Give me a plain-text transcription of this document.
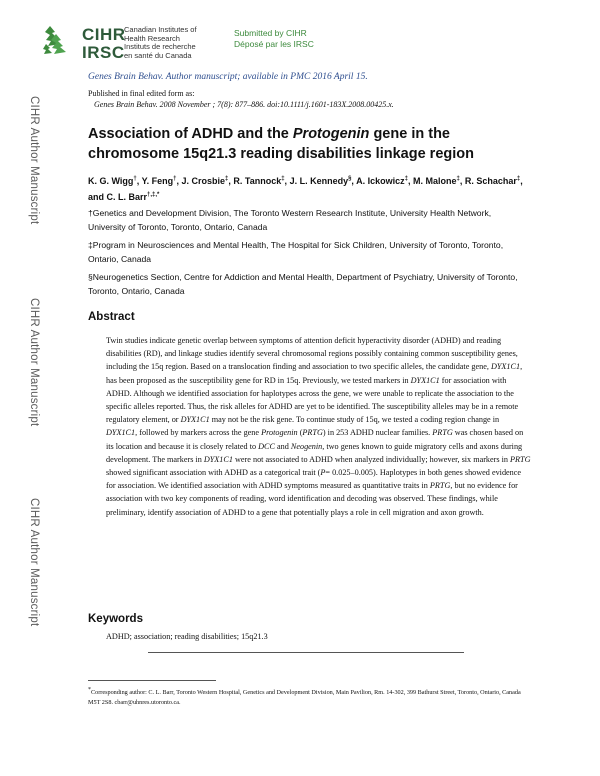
CIHR Author Manuscript
CIHR Author Manuscript
CIHR Author Manuscript
CIHR
IRSC
Canadian Institutes of
Health Research
Instituts de recherche
en santé du Canada
Submitted by CIHR
Déposé par les IRSC
Genes Brain Behav. Author manuscript; available in PMC 2016 April 15.
Published in final edited form as:
Genes Brain Behav. 2008 November ; 7(8): 877–886. doi:10.1111/j.1601-183X.2008.00425.x.
Association of ADHD and the Protogenin gene in the chromosome 15q21.3 reading disabilities linkage region

K. G. Wigg†, Y. Feng†, J. Crosbie‡, R. Tannock‡, J. L. Kennedy§, A. Ickowicz‡, M. Malone‡, R. Schachar‡, and C. L. Barr†,‡,*

†Genetics and Development Division, The Toronto Western Research Institute, University Health Network, University of Toronto, Toronto, Ontario, Canada

‡Program in Neurosciences and Mental Health, The Hospital for Sick Children, University of Toronto, Toronto, Ontario, Canada

§Neurogenetics Section, Centre for Addiction and Mental Health, Department of Psychiatry, University of Toronto, Toronto, Ontario, Canada

Abstract

Twin studies indicate genetic overlap between symptoms of attention deficit hyperactivity disorder (ADHD) and reading disabilities (RD), and linkage studies identify several chromosomal regions possibly containing common susceptibility genes, including the 15q region. Based on a translocation finding and association to two specific alleles, the candidate gene, DYX1C1, has been proposed as the susceptibility gene for RD in 15q. Previously, we tested markers in DYX1C1 for association with ADHD. Although we identified association for haplotypes across the gene, we were unable to replicate the association to the specific alleles reported. Thus, the risk alleles for ADHD are yet to be identified. The susceptibility alleles may be in a remote regulatory element, or DYX1C1 may not be the risk gene. To continue study of 15q, we tested a coding region change in DYX1C1, followed by markers across the gene Protogenin (PRTG) in 253 ADHD nuclear families. PRTG was chosen based on its location and because it is closely related to DCC and Neogenin, two genes known to guide migratory cells and axons during development. The markers in DYX1C1 were not associated to ADHD when analyzed individually; however, six markers in PRTG showed significant association with ADHD as a categorical trait (P= 0.025–0.005). Haplotypes in both genes showed evidence for association. We identified association with ADHD symptoms measured as quantitative traits in PRTG, but no evidence for association with two key components of reading, word identification and decoding was observed. These findings, while preliminary, identify association of ADHD to a gene that potentially plays a role in cell migration and axon growth.

Keywords

ADHD; association; reading disabilities; 15q21.3

*Corresponding author: C. L. Barr, Toronto Western Hospital, Genetics and Development Division, Main Pavilion, Rm. 14-302, 399 Bathurst Street, Toronto, Ontario, Canada M5T 2S8. cbarr@uhnres.utoronto.ca.
